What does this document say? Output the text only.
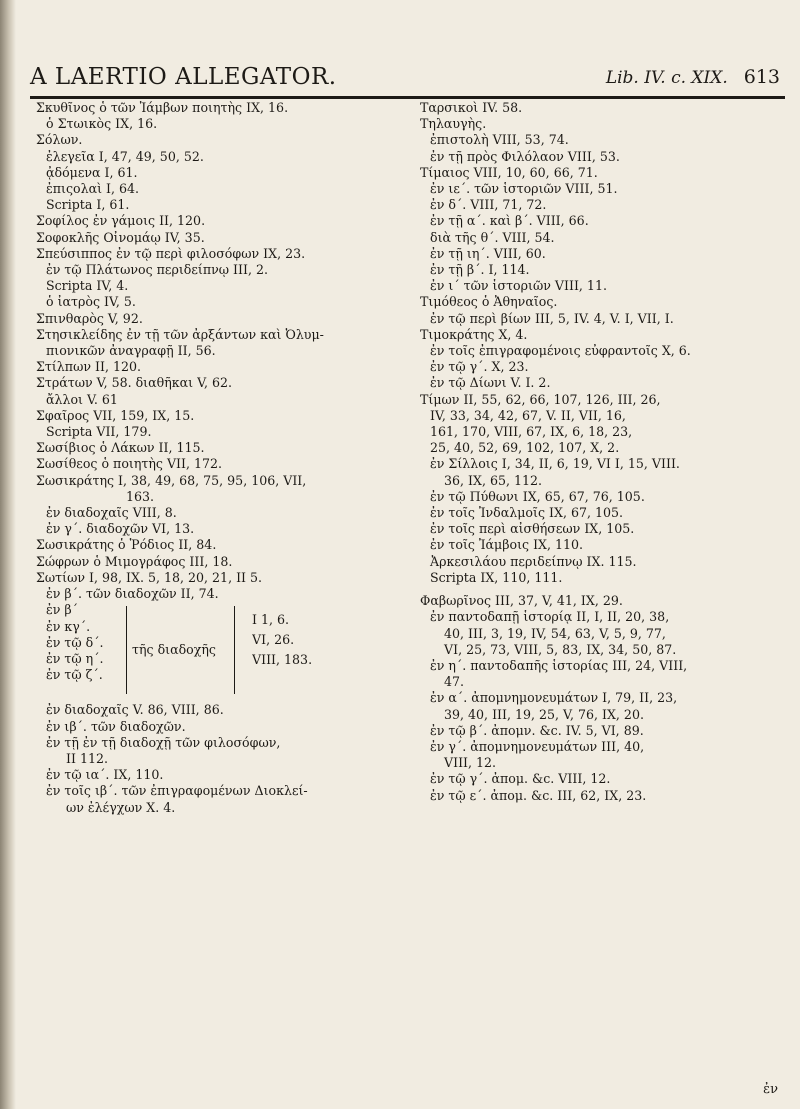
A LAERTIO ALLEGATOR.	Lib. IV. c. XIX. 613

Σκυθῖνος ὁ τῶν Ἰάμβων ποιητὴς IX, 16.

ὁ Στωικὸς IX, 16.

Σόλων.

ἐλεγεῖα I, 47, 49, 50, 52.

ᾀδόμενα I, 61.

ἐπιςολαὶ I, 64.

Scripta I, 61.

Σοφίλος ἐν γάμοις II, 120.

Σοφοκλῆς Οἰνομάῳ IV, 35.

Σπεύσιππος ἐν τῷ περὶ φιλοσόφων IX, 23.

ἐν τῷ Πλάτωνος περιδείπνῳ III, 2.

Scripta IV, 4.

ὁ ἰατρὸς IV, 5.

Σπινθαρὸς V, 92.

Στησικλείδης ἐν τῇ τῶν ἀρξάντων καὶ Ὀλυμ-

πιονικῶν ἀναγραφῇ II, 56.

Στίλπων II, 120.

Στράτων V, 58. διαθῆκαι V, 62.

ἄλλοι V. 61

Σφαῖρος VII, 159, IX, 15.

Scripta VII, 179.

Σωσίβιος ὁ Λάκων II, 115.

Σωσίθεος ὁ ποιητὴς VII, 172.

Σωσικράτης I, 38, 49, 68, 75, 95, 106, VII,

163.

ἐν διαδοχαῖς VIII, 8.

ἐν γ΄. διαδοχῶν VI, 13.

Σωσικράτης ὁ Ῥόδιος II, 84.

Σώφρων ὁ Μιμογράφος III, 18.

Σωτίων I, 98, IX. 5, 18, 20, 21, II 5.

ἐν β΄. τῶν διαδοχῶν II, 74.

ἐν β΄

ἐν κγ΄.

ἐν τῷ δ΄.

ἐν τῷ η΄.

ἐν τῷ ζ΄.

τῆς διαδοχῆς

I 1, 6.

VI, 26.

VIII, 183.

ἐν διαδοχαῖς V. 86, VIII, 86.

ἐν ιβ΄. τῶν διαδοχῶν.

ἐν τῇ ἐν τῇ διαδοχῇ τῶν φιλοσόφων,

II 112.

ἐν τῷ ια΄. IX, 110.

ἐν τοῖς ιβ΄. τῶν ἐπιγραφομένων Διοκλεί-

ων ἐλέγχων X. 4.

Ταρσικοὶ IV. 58.

Τηλαυγὴς.

ἐπιστολὴ VIII, 53, 74.

ἐν τῇ πρὸς Φιλόλαον VIII, 53.

Τίμαιος VIII, 10, 60, 66, 71.

ἐν ιε΄. τῶν ἱστοριῶν VIII, 51.

ἐν δ΄. VIII, 71, 72.

ἐν τῇ α΄. καὶ β΄. VIII, 66.

διὰ τῆς θ΄. VIII, 54.

ἐν τῇ ιη΄. VIII, 60.

ἐν τῇ β΄. I, 114.

ἐν ι΄ τῶν ἱστοριῶν VIII, 11.

Τιμόθεος ὁ Ἀθηναῖος.

ἐν τῷ περὶ βίων III, 5, IV. 4, V. I, VII, I.

Τιμοκράτης X, 4.

ἐν τοῖς ἐπιγραφομένοις εὐφραντοῖς X, 6.

ἐν τῷ γ΄. X, 23.

ἐν τῷ Δίωνι V. I. 2.

Τίμων II, 55, 62, 66, 107, 126, III, 26,

IV, 33, 34, 42, 67, V. II, VII, 16,

161, 170, VIII, 67, IX, 6, 18, 23,

25, 40, 52, 69, 102, 107, X, 2.

ἐν Σίλλοις I, 34, II, 6, 19, VI I, 15, VIII.

36, IX, 65, 112.

ἐν τῷ Πύθωνι IX, 65, 67, 76, 105.

ἐν τοῖς Ἰνδαλμοῖς IX, 67, 105.

ἐν τοῖς περὶ αἰσθήσεων IX, 105.

ἐν τοῖς Ἰάμβοις IX, 110.

Ἀρκεσιλάου περιδείπνῳ IX. 115.

Scripta IX, 110, 111.

Φαβωρῖνος III, 37, V, 41, IX, 29.

ἐν παντοδαπῇ ἱστορίᾳ II, I, II, 20, 38,

40, III, 3, 19, IV, 54, 63, V, 5, 9, 77,

VI, 25, 73, VIII, 5, 83, IX, 34, 50, 87.

ἐν η΄. παντοδαπῆς ἱστορίας III, 24, VIII,

47.

ἐν α΄. ἀπομνημονευμάτων I, 79, II, 23,

39, 40, III, 19, 25, V, 76, IX, 20.

ἐν τῷ β΄. ἀπομν. &c. IV. 5, VI, 89.

ἐν γ΄. ἀπομνημονευμάτων III, 40,

VIII, 12.

ἐν τῷ γ΄. ἀπομ. &c. VIII, 12.

ἐν τῷ ε΄. ἀπομ. &c. III, 62, IX, 23.

ἐν
